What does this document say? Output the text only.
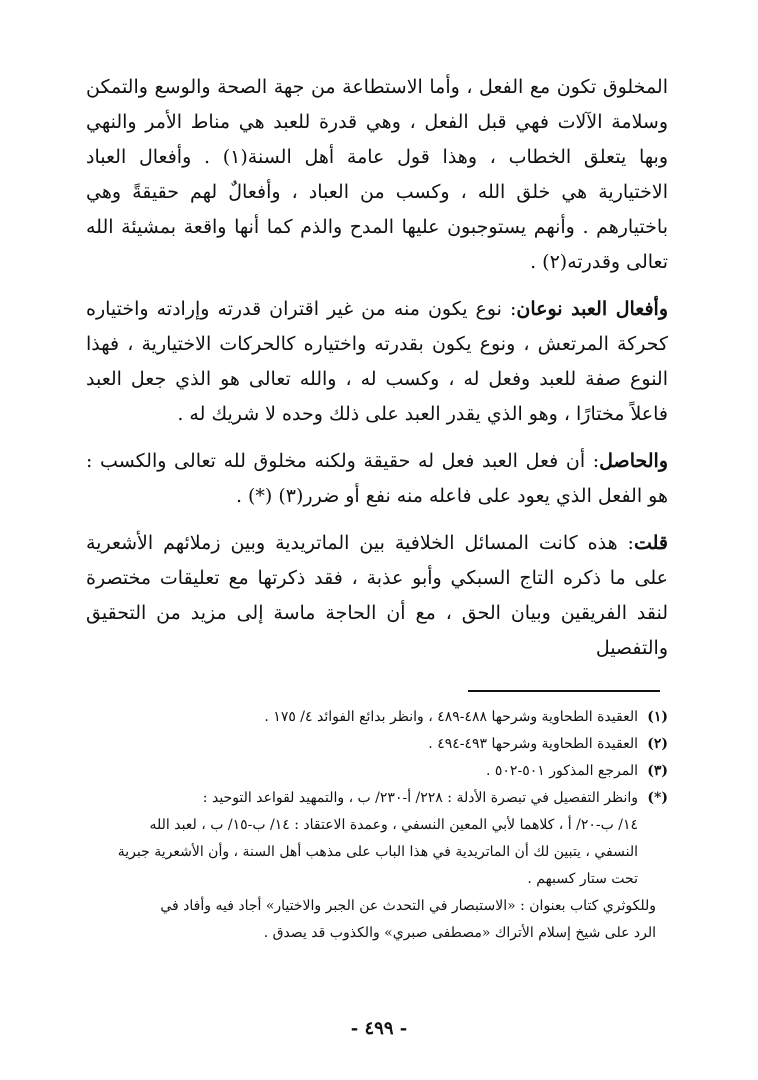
المخلوق تكون مع الفعل ، وأما الاستطاعة من جهة الصحة والوسع والتمكن وسلامة الآلات فهي قبل الفعل ، وهي قدرة للعبد هي مناط الأمر والنهي وبها يتعلق الخطاب ، وهذا قول عامة أهل السنة(١) . وأفعال العباد الاختيارية هي خلق الله ، وكسب من العباد ، وأفعالٌ لهم حقيقةً وهي باختيارهم . وأنهم يستوجبون عليها المدح والذم كما أنها واقعة بمشيئة الله تعالى وقدرته(٢) .

وأفعال العبد نوعان: نوع يكون منه من غير اقتران قدرته وإرادته واختياره كحركة المرتعش ، ونوع يكون بقدرته واختياره كالحركات الاختيارية ، فهذا النوع صفة للعبد وفعل له ، وكسب له ، والله تعالى هو الذي جعل العبد فاعلاً مختارًا ، وهو الذي يقدر العبد على ذلك وحده لا شريك له .

والحاصل: أن فعل العبد فعل له حقيقة ولكنه مخلوق لله تعالى والكسب : هو الفعل الذي يعود على فاعله منه نفع أو ضرر(٣) (*) .

قلت: هذه كانت المسائل الخلافية بين الماتريدية وبين زملائهم الأشعرية على ما ذكره التاج السبكي وأبو عذبة ، فقد ذكرتها مع تعليقات مختصرة لنقد الفريقين وبيان الحق ، مع أن الحاجة ماسة إلى مزيد من التحقيق والتفصيل

(١)
العقيدة الطحاوية وشرحها ٤٨٨-٤٨٩ ، وانظر بدائع الفوائد ٤/ ١٧٥ .
(٢)
العقيدة الطحاوية وشرحها ٤٩٣-٤٩٤ .
(٣)
المرجع المذكور ٥٠١-٥٠٢ .
(*)
وانظر التفصيل في تبصرة الأدلة : ٢٢٨/ أ-٢٣٠/ ب ، والتمهيد لقواعد التوحيد :
١٤/ ب-٢٠/ أ ، كلاهما لأبي المعين النسفي ، وعمدة الاعتقاد : ١٤/ ب-١٥/ ب ، لعبد الله
النسفي ، يتبين لك أن الماتريدية في هذا الباب على مذهب أهل السنة ، وأن الأشعرية جبرية
تحت ستار كسبهم .
وللكوثري كتاب بعنوان : «الاستبصار في التحدث عن الجبر والاختيار» أجاد فيه وأفاد في
الرد على شيخ إسلام الأتراك «مصطفى صبري» والكذوب قد يصدق .
- ٤٩٩ -
